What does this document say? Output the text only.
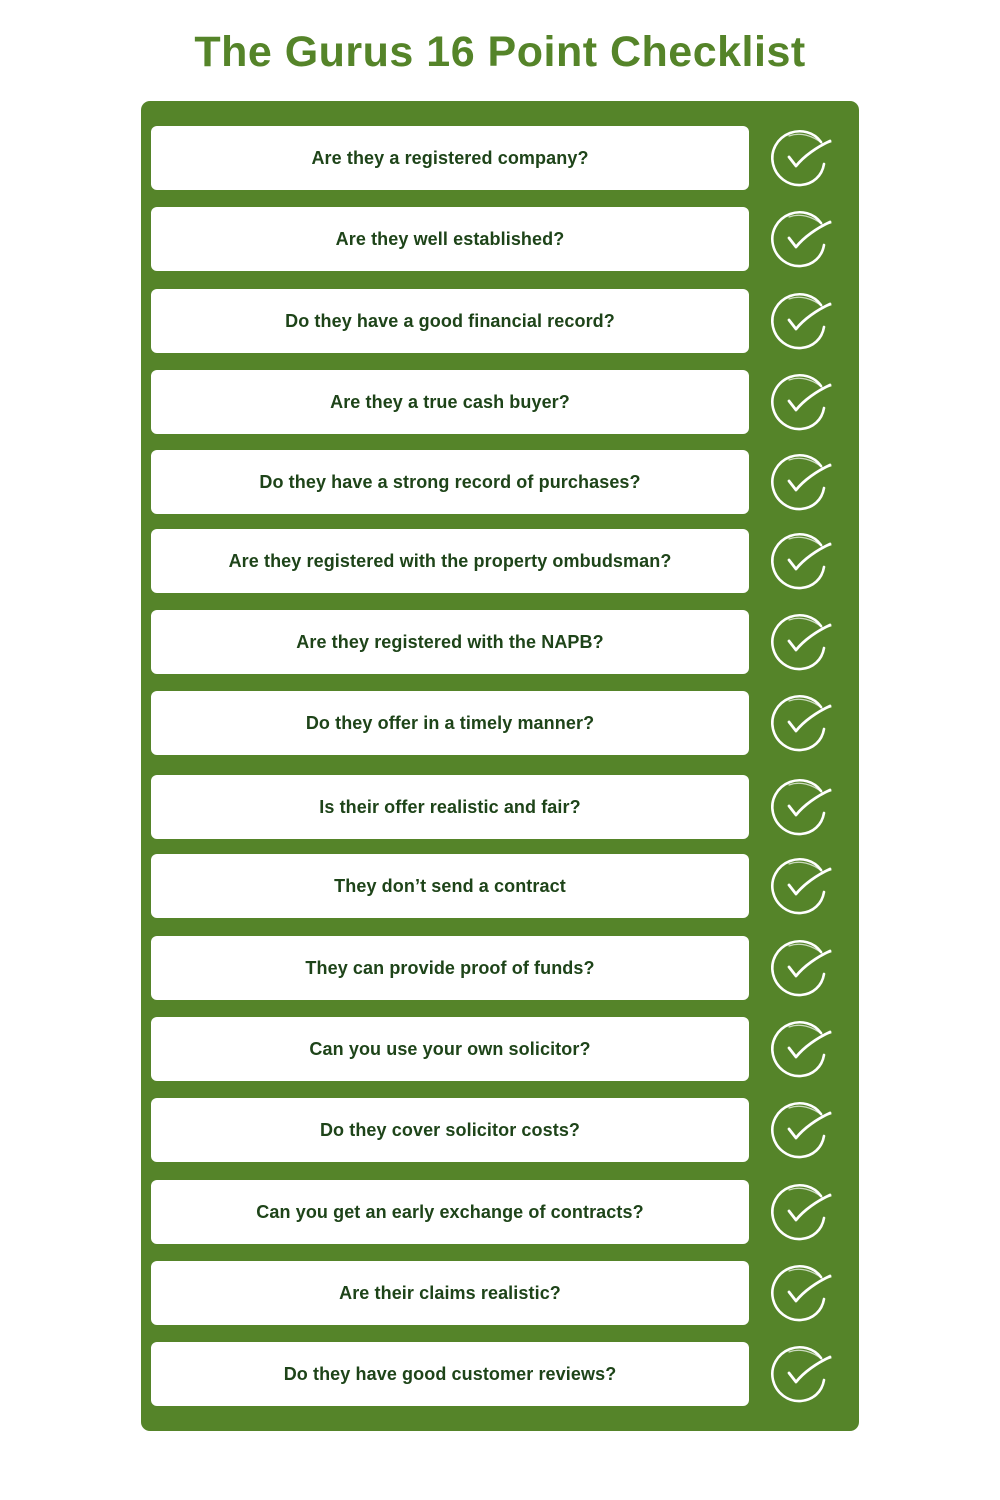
The Gurus 16 Point Checklist
Are they a registered company?
Are they well established?
Do they have a good financial record?
Are they a true cash buyer?
Do they have a strong record of purchases?
Are they registered with the property ombudsman?
Are they registered with the NAPB?
Do they offer in a timely manner?
Is their offer realistic and fair?
They don’t send a contract
They can provide proof of funds?
Can you use your own solicitor?
Do they cover solicitor costs?
Can you get an early exchange of contracts?
Are their claims realistic?
Do they have good customer reviews?
